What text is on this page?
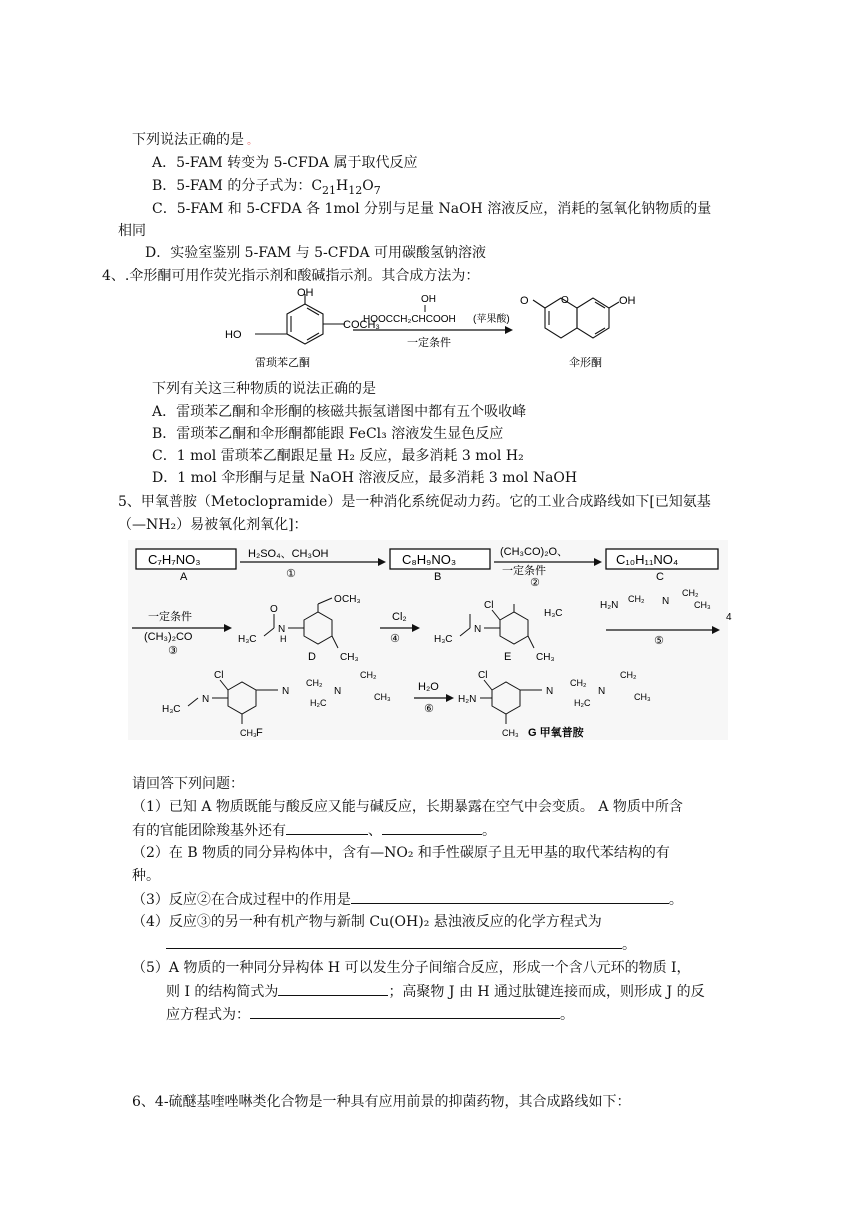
下列说法正确的是 。
A．5-FAM 转变为 5-CFDA 属于取代反应
B．5-FAM 的分子式为：$C_{21}H_{12}O_7$
C．5-FAM 和 5-CFDA 各 1mol 分别与足量 NaOH 溶液反应，消耗的氢氧化钠物质的量
相同
D．实验室鉴别 5-FAM 与 5-CFDA 可用碳酸氢钠溶液
4、.伞形酮可用作荧光指示剂和酸碱指示剂。其合成方法为：
OH
HO
COCH₃
雷琐苯乙酮
OH
HOOCCH₂CHCOOH (苹果酸)
一定条件
O
O	OH
伞形酮
下列有关这三种物质的说法正确的是
A．雷琐苯乙酮和伞形酮的核磁共振氢谱图中都有五个吸收峰
B．雷琐苯乙酮和伞形酮都能跟 FeCl₃ 溶液发生显色反应
C．1 mol 雷琐苯乙酮跟足量 H₂ 反应，最多消耗 3 mol H₂
D．1 mol 伞形酮与足量 NaOH 溶液反应，最多消耗 3 mol NaOH
5、甲氧普胺（Metoclopramide）是一种消化系统促动力药。它的工业合成路线如下[已知氨基
（—NH₂）易被氧化剂氧化]：
C₇H₇NO₃
A
H₂SO₄、CH₃OH
①
C₈H₉NO₃
B
(CH₃CO)₂O、
一定条件
②
C₁₀H₁₁NO₄
C
一定条件
(CH₃)₂CO
③
H₃C
N
H
O
O CH₃
CH₃
D
Cl₂
④	H₃C
N
Cl
H₃C
CH₃
E
H₂N
CH₂ N
CH₂
CH₃
4
⑤
H₃C
N
Cl
N
CH₂
N
H₂C
CH₂
CH₃
CH₃ F
H₂O
⑥
H₂N
Cl
N
CH₂
N
H₂C
CH₂
CH₃
CH₃ G 甲氧普胺
请回答下列问题：
（1）已知 A 物质既能与酸反应又能与碱反应，长期暴露在空气中会变质。 A 物质中所含
有的官能团除羧基外还有	、	。
（2）在 B 物质的同分异构体中，含有—NO₂ 和手性碳原子且无甲基的取代苯结构的有
种。
（3）反应②在合成过程中的作用是	。
（4）反应③的另一种有机产物与新制 Cu(OH)₂ 悬浊液反应的化学方程式为
。
（5）A 物质的一种同分异构体 H 可以发生分子间缩合反应，形成一个含八元环的物质 I，
则 I 的结构简式为	；高聚物 J 由 H 通过肽键连接而成，则形成 J 的反
应方程式为：	。
6、4-硫醚基喹唑啉类化合物是一种具有应用前景的抑菌药物，其合成路线如下：
